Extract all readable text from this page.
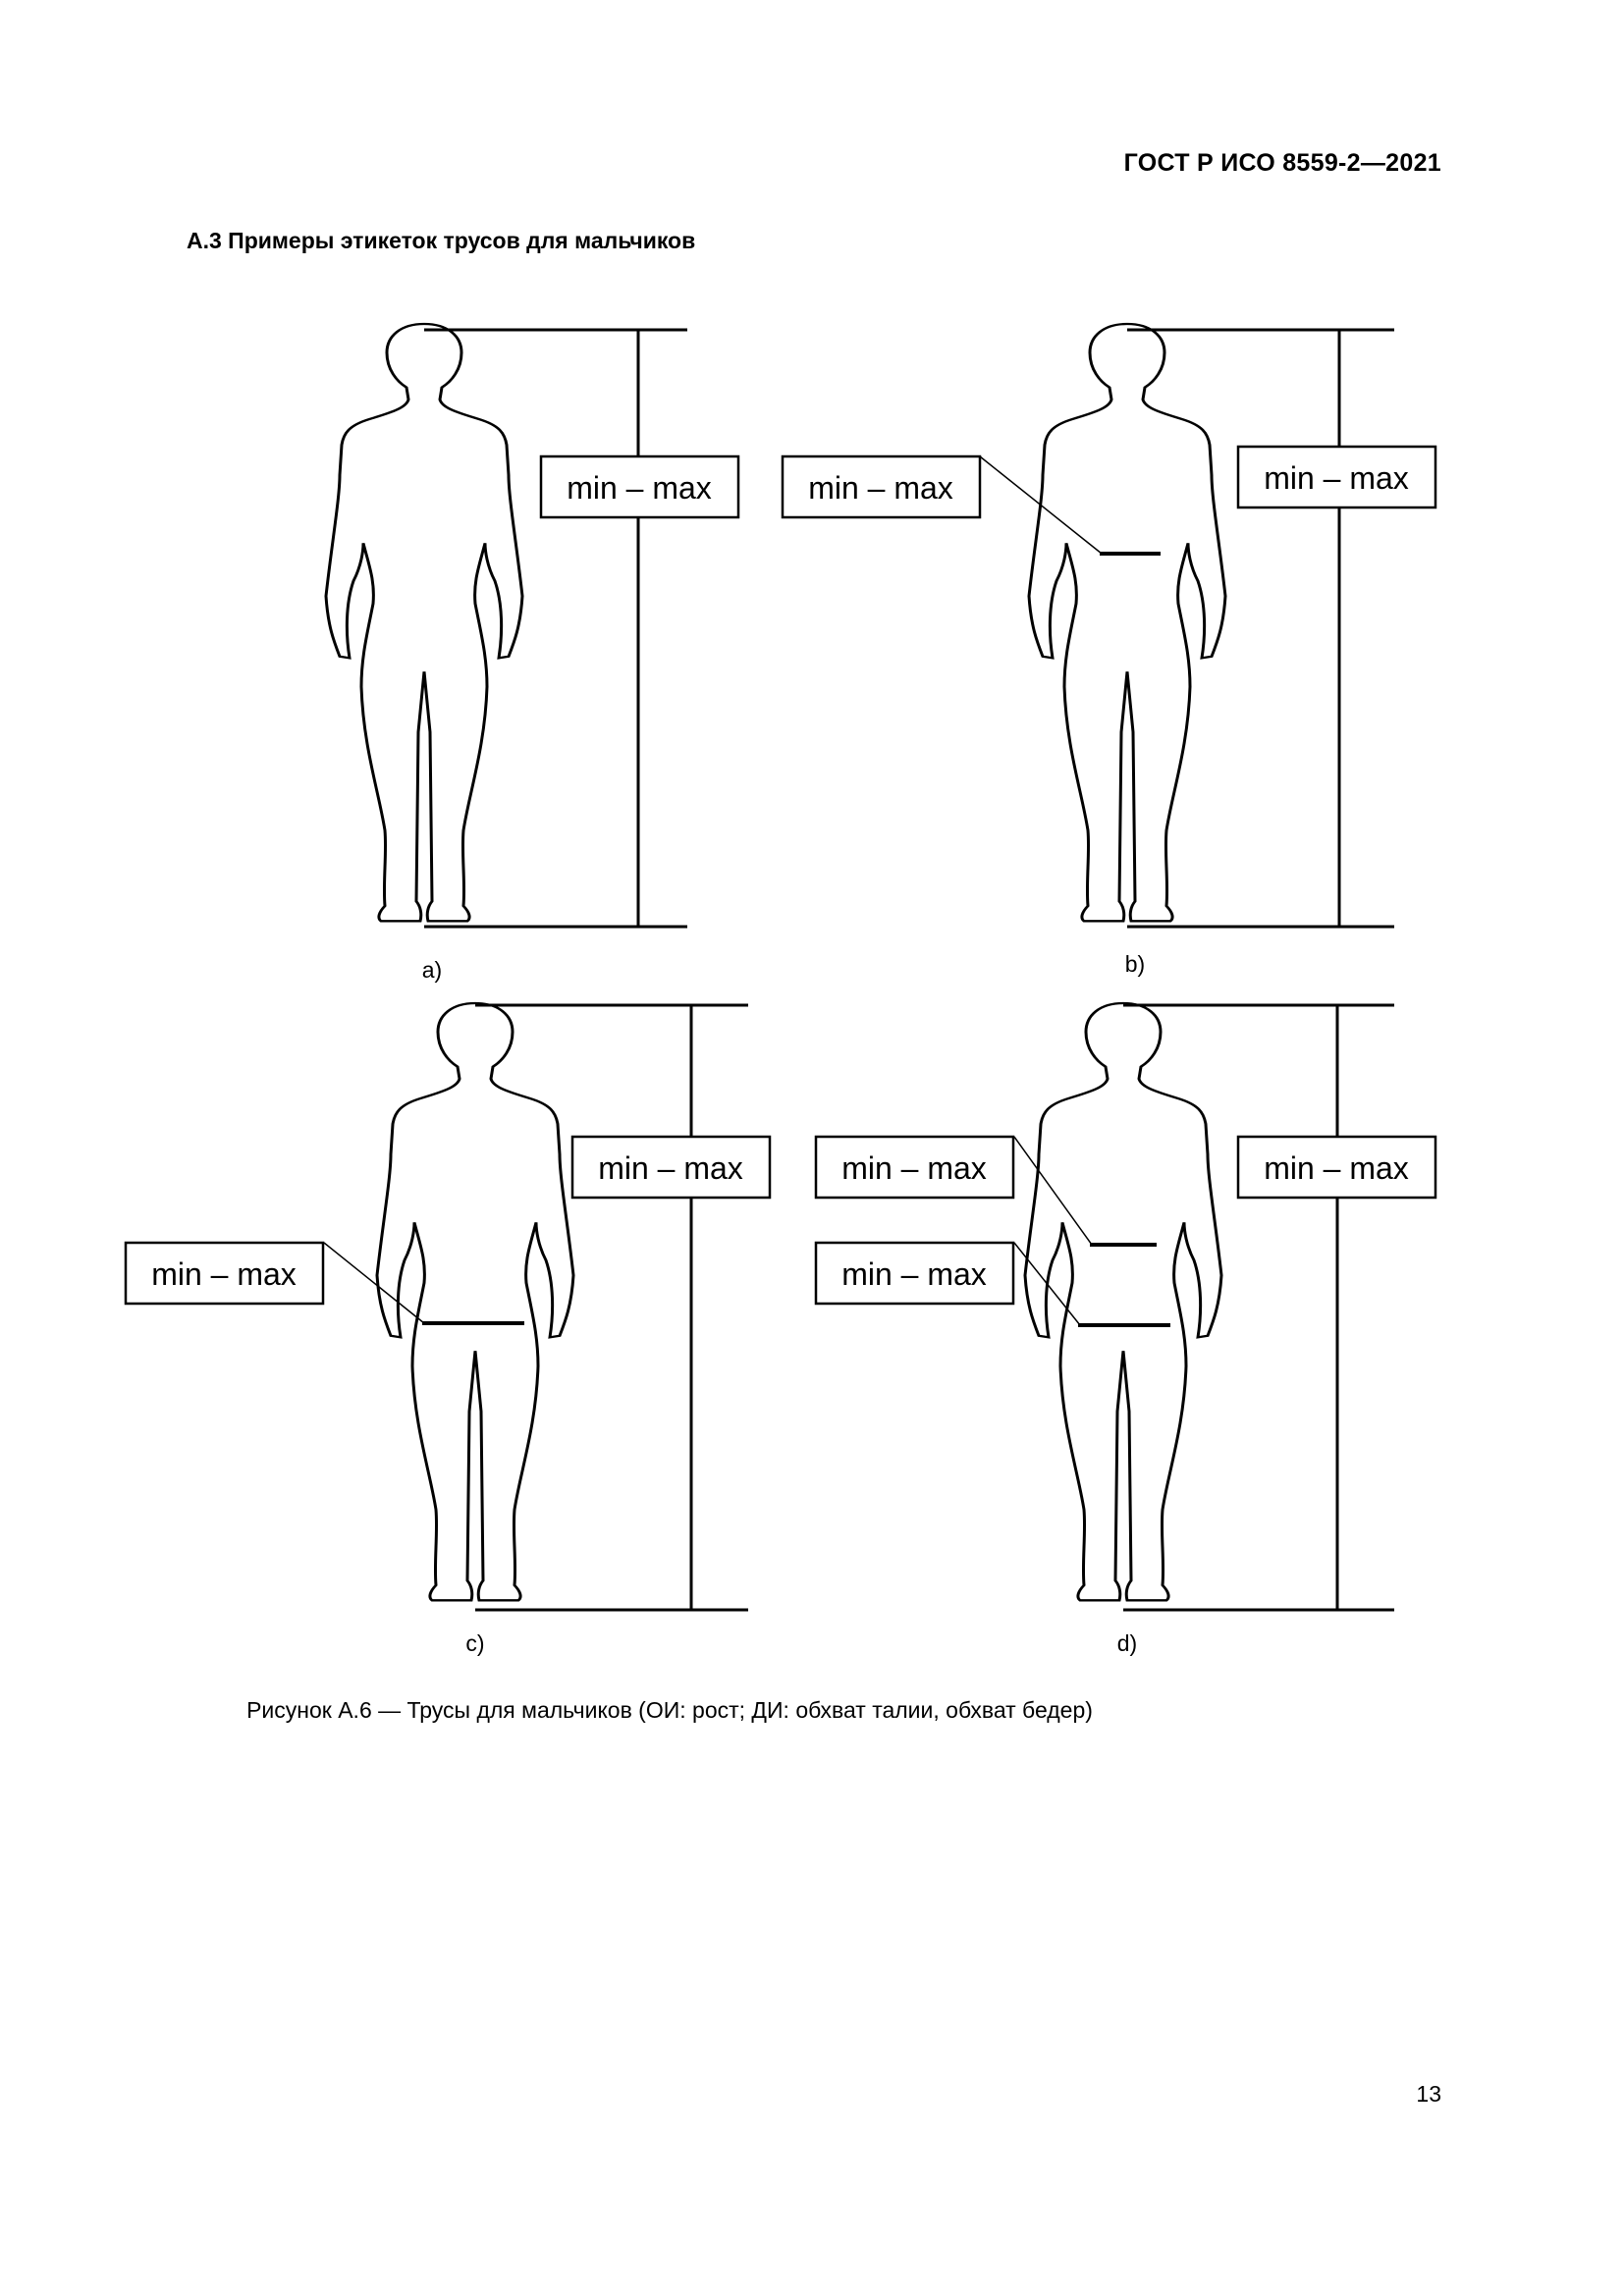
ГОСТ Р ИСО 8559-2—2021
А.3 Примеры этикеток трусов для мальчиков
min – max
a)
min – max	min – max
b)
min – max
min – max
c)
min – max
min – max
min – max
d)
Рисунок А.6 — Трусы для мальчиков (ОИ: рост; ДИ: обхват талии, обхват бедер)
13
